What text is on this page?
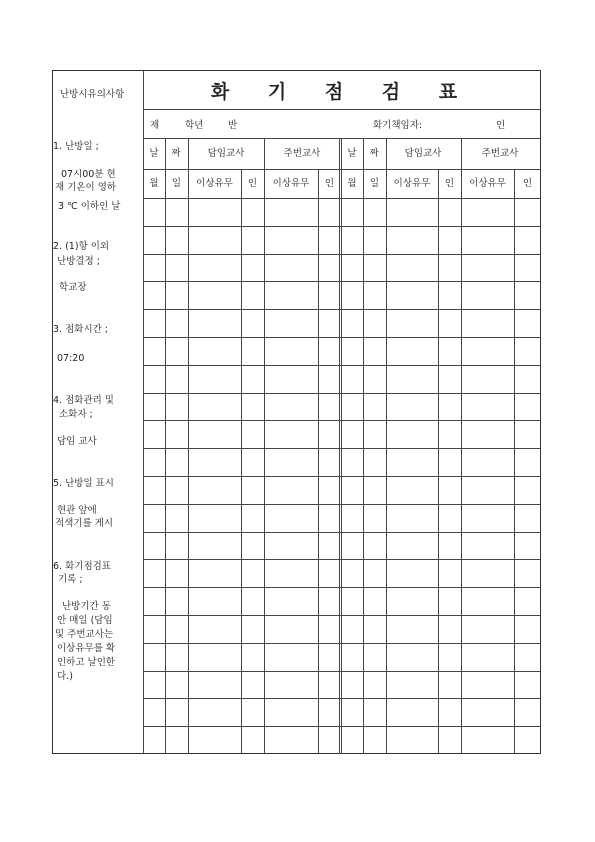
화 기 점 검 표
제	학년	반	화기책임자:	인
난방시유의사항
1. 난방일 ;
07시00분 현
재 기온이 영하
3 ℃ 이하인 날
2. (1)항 이외
난방결정 ;
학교장
3. 점화시간 ;
07:20
4. 점화관리 및
소화자 ;
담임 교사
5. 난방일 표시
현관 앞에
적색기를 게시
6. 화기점검표
기록 ;
난방기간 동
안 매일 (담임
및 주번교사는
이상유무를 확
인하고 날인한
다.)
날	짜	담임교사	주번교사	날	짜	담임교사	주번교사
월	일	이상유무	인	이상유무	인	월	일	이상유무	인	이상유무	인
